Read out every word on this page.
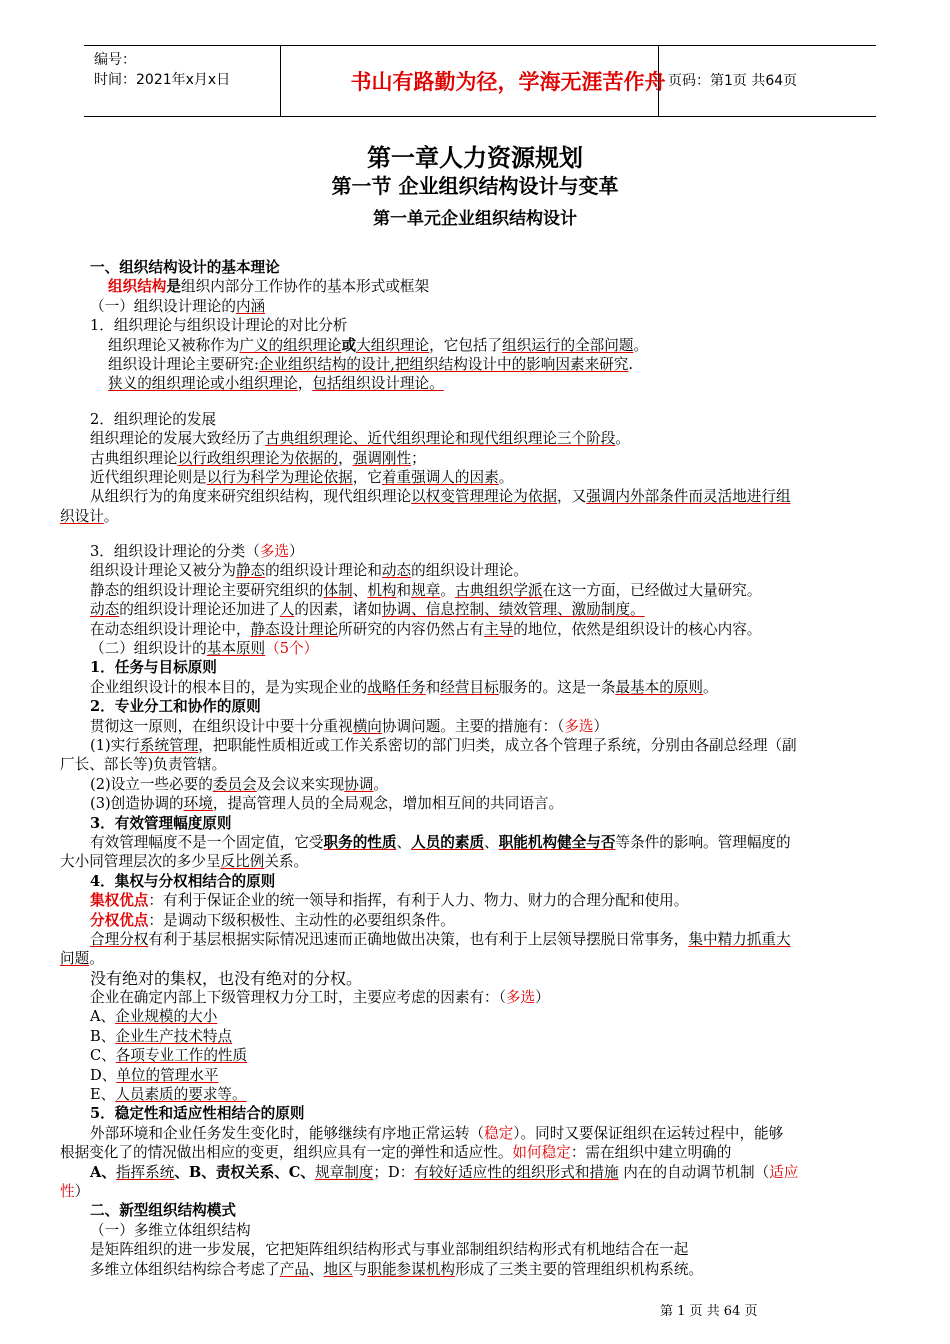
编号：
时间：2021年x月x日	书山有路勤为径，学海无涯苦作舟 页码：第1页 共64页
第一章人力资源规划
第一节 企业组织结构设计与变革
第一单元企业组织结构设计
一、组织结构设计的基本理论
组织结构是组织内部分工作协作的基本形式或框架
（一）组织设计理论的内涵
1．组织理论与组织设计理论的对比分析
组织理论又被称作为广义的组织理论或大组织理论，它包括了组织运行的全部问题。
组织设计理论主要研究:企业组织结构的设计,把组织结构设计中的影响因素来研究.
狭义的组织理论或小组织理论，包括组织设计理论。
2．组织理论的发展
组织理论的发展大致经历了古典组织理论、近代组织理论和现代组织理论三个阶段。
古典组织理论以行政组织理论为依据的，强调刚性；
近代组织理论则是以行为科学为理论依据，它着重强调人的因素。
从组织行为的角度来研究组织结构，现代组织理论以权变管理理论为依据，又强调内外部条件而灵活地进行组
织设计。
3．组织设计理论的分类（多选）
组织设计理论又被分为静态的组织设计理论和动态的组织设计理论。
静态的组织设计理论主要研究组织的体制、机构和规章。古典组织学派在这一方面，已经做过大量研究。
动态的组织设计理论还加进了人的因素，诸如协调、信息控制、绩效管理、激励制度。
在动态组织设计理论中，静态设计理论所研究的内容仍然占有主导的地位，依然是组织设计的核心内容。
（二）组织设计的基本原则（5个）
1．任务与目标原则
企业组织设计的根本目的，是为实现企业的战略任务和经营目标服务的。这是一条最基本的原则。
2．专业分工和协作的原则
贯彻这一原则，在组织设计中要十分重视横向协调问题。主要的措施有：（多选）
(1)实行系统管理，把职能性质相近或工作关系密切的部门归类，成立各个管理子系统，分别由各副总经理（副
厂长、部长等)负责管辖。
(2)设立一些必要的委员会及会议来实现协调。
(3)创造协调的环境，提高管理人员的全局观念，增加相互间的共同语言。
3．有效管理幅度原则
有效管理幅度不是一个固定值，它受职务的性质、人员的素质、职能机构健全与否等条件的影响。管理幅度的
大小同管理层次的多少呈反比例关系。
4．集权与分权相结合的原则
集权优点：有利于保证企业的统一领导和指挥，有利于人力、物力、财力的合理分配和使用。
分权优点：是调动下级积极性、主动性的必要组织条件。
合理分权有利于基层根据实际情况迅速而正确地做出决策，也有利于上层领导摆脱日常事务，集中精力抓重大
问题。
没有绝对的集权，也没有绝对的分权。
企业在确定内部上下级管理权力分工时，主要应考虑的因素有：（多选）
A、企业规模的大小
B、企业生产技术特点
C、各项专业工作的性质
D、单位的管理水平
E、人员素质的要求等。
5．稳定性和适应性相结合的原则
外部环境和企业任务发生变化时，能够继续有序地正常运转（稳定）。同时又要保证组织在运转过程中，能够
根据变化了的情况做出相应的变更，组织应具有一定的弹性和适应性。如何稳定：需在组织中建立明确的
A、指挥系统、B、责权关系、C、规章制度；D：有较好适应性的组织形式和措施 内在的自动调节机制（适应
性）
二、新型组织结构模式
（一）多维立体组织结构
是矩阵组织的进一步发展，它把矩阵组织结构形式与事业部制组织结构形式有机地结合在一起
多维立体组织结构综合考虑了产品、地区与职能参谋机构形成了三类主要的管理组织机构系统。
第 1 页 共 64 页
